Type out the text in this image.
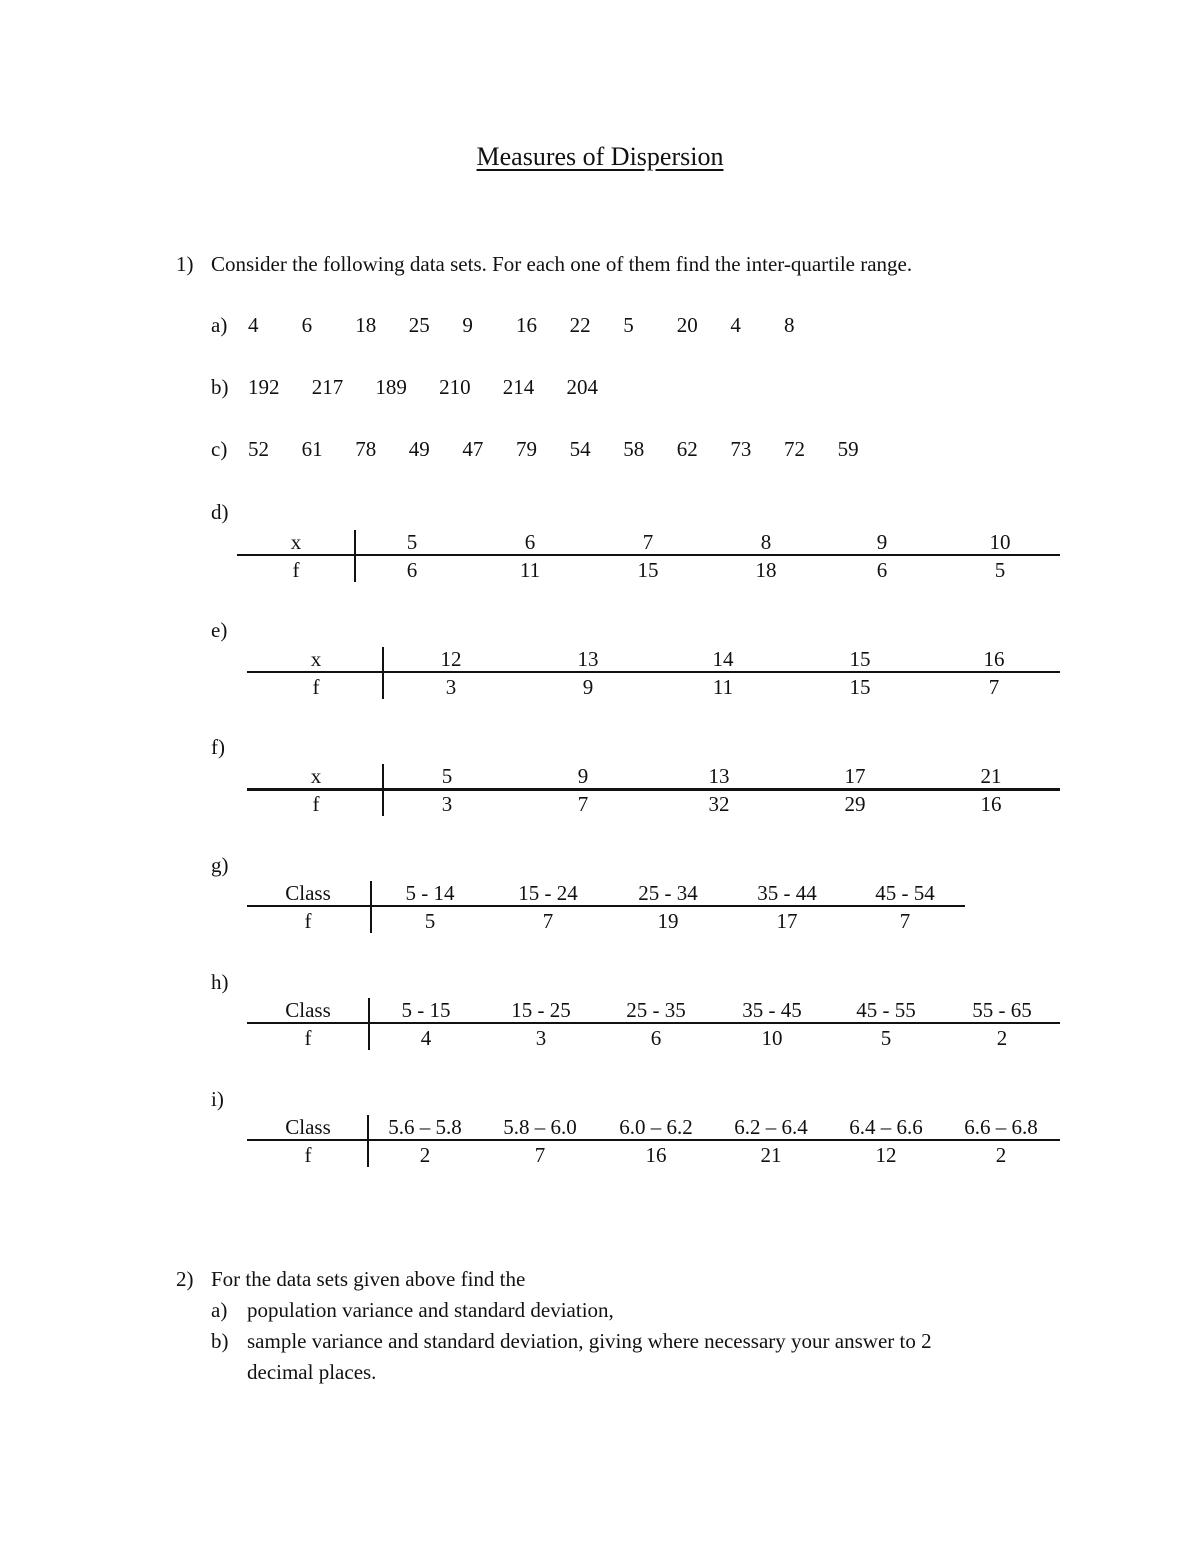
Measures of Dispersion
1) Consider the following data sets. For each one of them find the inter-quartile range.
a) 4 6 18 25 9 16 22 5 20 4 8
b) 192 217 189 210 214 204
c) 52 61 78 49 47 79 54 58 62 73 72 59
d)
x	5	6	7	8	9	10
f	6	11	15	18	6	5
e)
x	12	13	14	15	16
f	3	9	11	15	7
f)
x	5	9	13	17	21
f	3	7	32	29	16
g)
Class	5 - 14	15 - 24	25 - 34	35 - 44	45 - 54
f	5	7	19	17	7
h)
Class	5 - 15	15 - 25	25 - 35	35 - 45	45 - 55	55 - 65
f	4	3	6	10	5	2
i)
Class	5.6 – 5.8	5.8 – 6.0	6.0 – 6.2	6.2 – 6.4	6.4 – 6.6	6.6 – 6.8
f	2	7	16	21	12	2
2) For the data sets given above find the
a) population variance and standard deviation,
b) sample variance and standard deviation, giving where necessary your answer to 2
decimal places.
